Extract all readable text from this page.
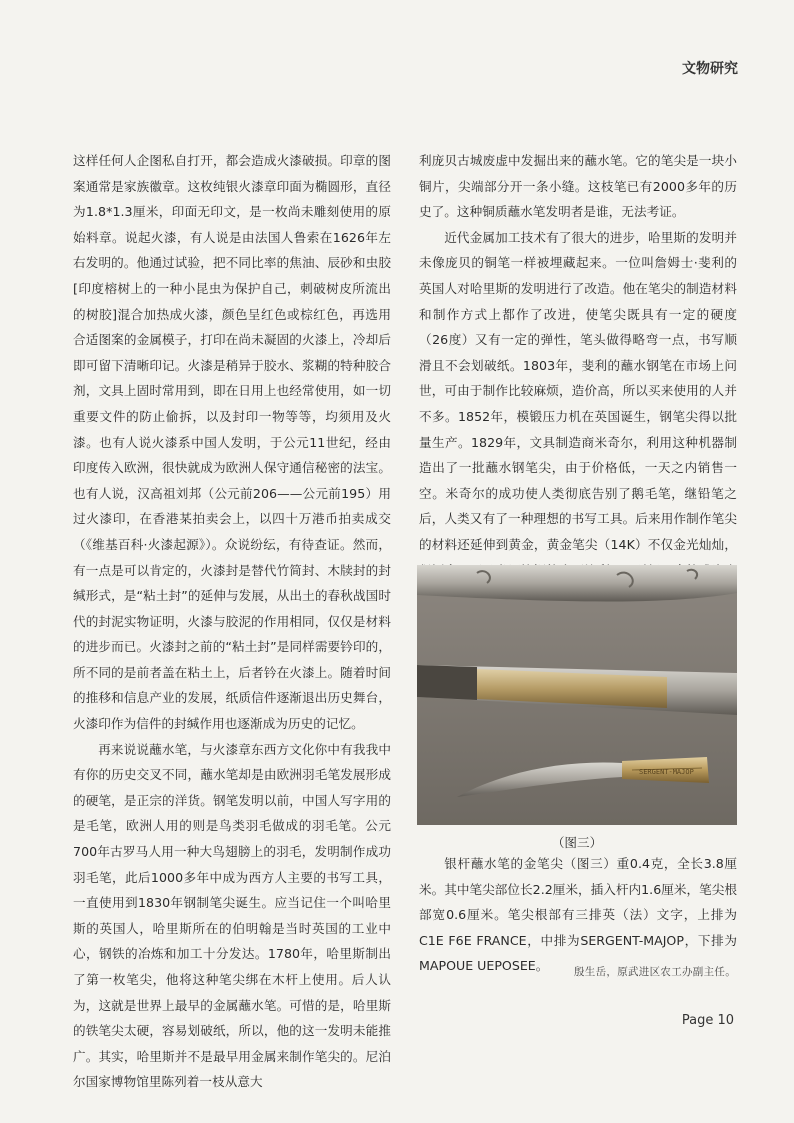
文物研究

这样任何人企图私自打开，都会造成火漆破损。印章的图案通常是家族徽章。这枚纯银火漆章印面为椭圆形，直径为1.8*1.3厘米，印面无印文，是一枚尚未雕刻使用的原始料章。说起火漆，有人说是由法国人鲁索在1626年左右发明的。他通过试验，把不同比率的焦油、辰砂和虫胶[印度榕树上的一种小昆虫为保护自己，刺破树皮所流出的树胶]混合加热成火漆，颜色呈红色或棕红色，再选用合适图案的金属模子，打印在尚未凝固的火漆上，冷却后即可留下清晰印记。火漆是稍异于胶水、浆糊的特种胶合剂，文具上固时常用到，即在日用上也经常使用，如一切重要文件的防止偷拆，以及封印一物等等，均须用及火漆。也有人说火漆系中国人发明，于公元11世纪，经由印度传入欧洲，很快就成为欧洲人保守通信秘密的法宝。也有人说，汉高祖刘邦（公元前206——公元前195）用过火漆印，在香港某拍卖会上，以四十万港币拍卖成交（《维基百科·火漆起源》）。众说纷纭，有待查证。然而，有一点是可以肯定的，火漆封是替代竹简封、木牍封的封缄形式，是“粘土封”的延伸与发展，从出土的春秋战国时代的封泥实物证明，火漆与胶泥的作用相同，仅仅是材料的进步而已。火漆封之前的“粘土封”是同样需要钤印的，所不同的是前者盖在粘土上，后者钤在火漆上。随着时间的推移和信息产业的发展，纸质信件逐渐退出历史舞台，火漆印作为信件的封缄作用也逐渐成为历史的记忆。

再来说说蘸水笔，与火漆章东西方文化你中有我我中有你的历史交叉不同，蘸水笔却是由欧洲羽毛笔发展形成的硬笔，是正宗的洋货。钢笔发明以前，中国人写字用的是毛笔，欧洲人用的则是鸟类羽毛做成的羽毛笔。公元700年古罗马人用一种大鸟翅膀上的羽毛，发明制作成功羽毛笔，此后1000多年中成为西方人主要的书写工具，一直使用到1830年钢制笔尖诞生。应当记住一个叫哈里斯的英国人，哈里斯所在的伯明翰是当时英国的工业中心，钢铁的冶炼和加工十分发达。1780年，哈里斯制出了第一枚笔尖，他将这种笔尖绑在木杆上使用。后人认为，这就是世界上最早的金属蘸水笔。可惜的是，哈里斯的铁笔尖太硬，容易划破纸，所以，他的这一发明未能推广。其实，哈里斯并不是最早用金属来制作笔尖的。尼泊尔国家博物馆里陈列着一枝从意大

利庞贝古城废虚中发掘出来的蘸水笔。它的笔尖是一块小铜片，尖端部分开一条小缝。这枝笔已有2000多年的历史了。这种铜质蘸水笔发明者是谁，无法考证。

近代金属加工技术有了很大的进步，哈里斯的发明并未像庞贝的铜笔一样被埋藏起来。一位叫詹姆士·斐利的英国人对哈里斯的发明进行了改造。他在笔尖的制造材料和制作方式上都作了改进，使笔尖既具有一定的硬度（26度）又有一定的弹性，笔头做得略弯一点，书写顺滑且不会划破纸。1803年，斐利的蘸水钢笔在市场上问世，可由于制作比较麻烦，造价高，所以买来使用的人并不多。1852年，模锻压力机在英国诞生，钢笔尖得以批量生产。1829年，文具制造商米奇尔，利用这种机器制造出了一批蘸水钢笔尖，由于价格低，一天之内销售一空。米奇尔的成功使人类彻底告别了鹅毛笔，继铅笔之后，人类又有了一种理想的书写工具。后来用作制作笔尖的材料还延伸到黄金，黄金笔尖（14K）不仅金光灿灿，

SERGENT-MAJOP
（图三）

银杆蘸水笔的金笔尖（图三）重0.4克，全长3.8厘米。其中笔尖部位长2.2厘米，插入杆内1.6厘米，笔尖根部宽0.6厘米。笔尖根部有三排英（法）文字，上排为C1E F6E FRANCE，中排为SERGENT-MAJOP，下排为MAPOUE UEPOSEE。	殷生岳，原武进区农工办副主任。
Page 10
